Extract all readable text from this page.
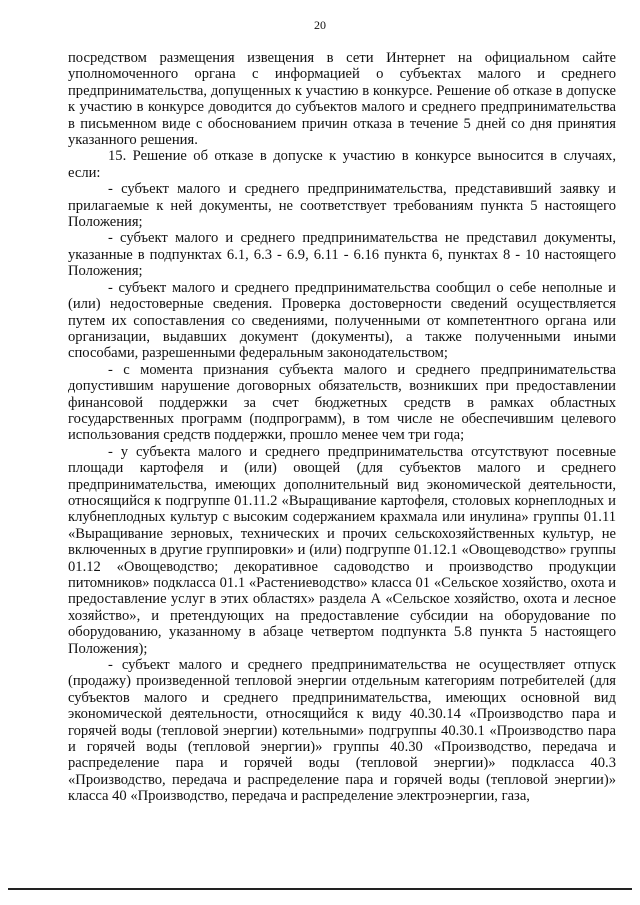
20

посредством размещения извещения в сети Интернет на официальном сайте уполномоченного органа с информацией о субъектах малого и среднего предпринимательства, допущенных к участию в конкурсе. Решение об отказе в допуске к участию в конкурсе доводится до субъектов малого и среднего предпринимательства в письменном виде с обоснованием причин отказа в течение 5 дней со дня принятия указанного решения.

15. Решение об отказе в допуске к участию в конкурсе выносится в случаях, если:

- субъект малого и среднего предпринимательства, представивший заявку и прилагаемые к ней документы, не соответствует требованиям пункта 5 настоящего Положения;

- субъект малого и среднего предпринимательства не представил документы, указанные в подпунктах 6.1, 6.3 - 6.9, 6.11 - 6.16 пункта 6, пунктах 8 - 10 настоящего Положения;

- субъект малого и среднего предпринимательства сообщил о себе неполные и (или) недостоверные сведения. Проверка достоверности сведений осуществляется путем их сопоставления со сведениями, полученными от компетентного органа или организации, выдавших документ (документы), а также полученными иными способами, разрешенными федеральным законодательством;

- с момента признания субъекта малого и среднего предпринимательства допустившим нарушение договорных обязательств, возникших при предоставлении финансовой поддержки за счет бюджетных средств в рамках областных государственных программ (подпрограмм), в том числе не обеспечившим целевого использования средств поддержки, прошло менее чем три года;

- у субъекта малого и среднего предпринимательства отсутствуют посевные площади картофеля и (или) овощей (для субъектов малого и среднего предпринимательства, имеющих дополнительный вид экономической деятельности, относящийся к подгруппе 01.11.2 «Выращивание картофеля, столовых корнеплодных и клубнеплодных культур с высоким содержанием крахмала или инулина» группы 01.11 «Выращивание зерновых, технических и прочих сельскохозяйственных культур, не включенных в другие группировки» и (или) подгруппе 01.12.1 «Овощеводство» группы 01.12 «Овощеводство; декоративное садоводство и производство продукции питомников» подкласса 01.1 «Растениеводство» класса 01 «Сельское хозяйство, охота и предоставление услуг в этих областях» раздела А «Сельское хозяйство, охота и лесное хозяйство», и претендующих на предоставление субсидии на оборудование по оборудованию, указанному в абзаце четвертом подпункта 5.8 пункта 5 настоящего Положения);

- субъект малого и среднего предпринимательства не осуществляет отпуск (продажу) произведенной тепловой энергии отдельным категориям потребителей (для субъектов малого и среднего предпринимательства, имеющих основной вид экономической деятельности, относящийся к виду 40.30.14 «Производство пара и горячей воды (тепловой энергии) котельными» подгруппы 40.30.1 «Производство пара и горячей воды (тепловой энергии)» группы 40.30 «Производство, передача и распределение пара и горячей воды (тепловой энергии)» подкласса 40.3 «Производство, передача и распределение пара и горячей воды (тепловой энергии)» класса 40 «Производство, передача и распределение электроэнергии, газа,
